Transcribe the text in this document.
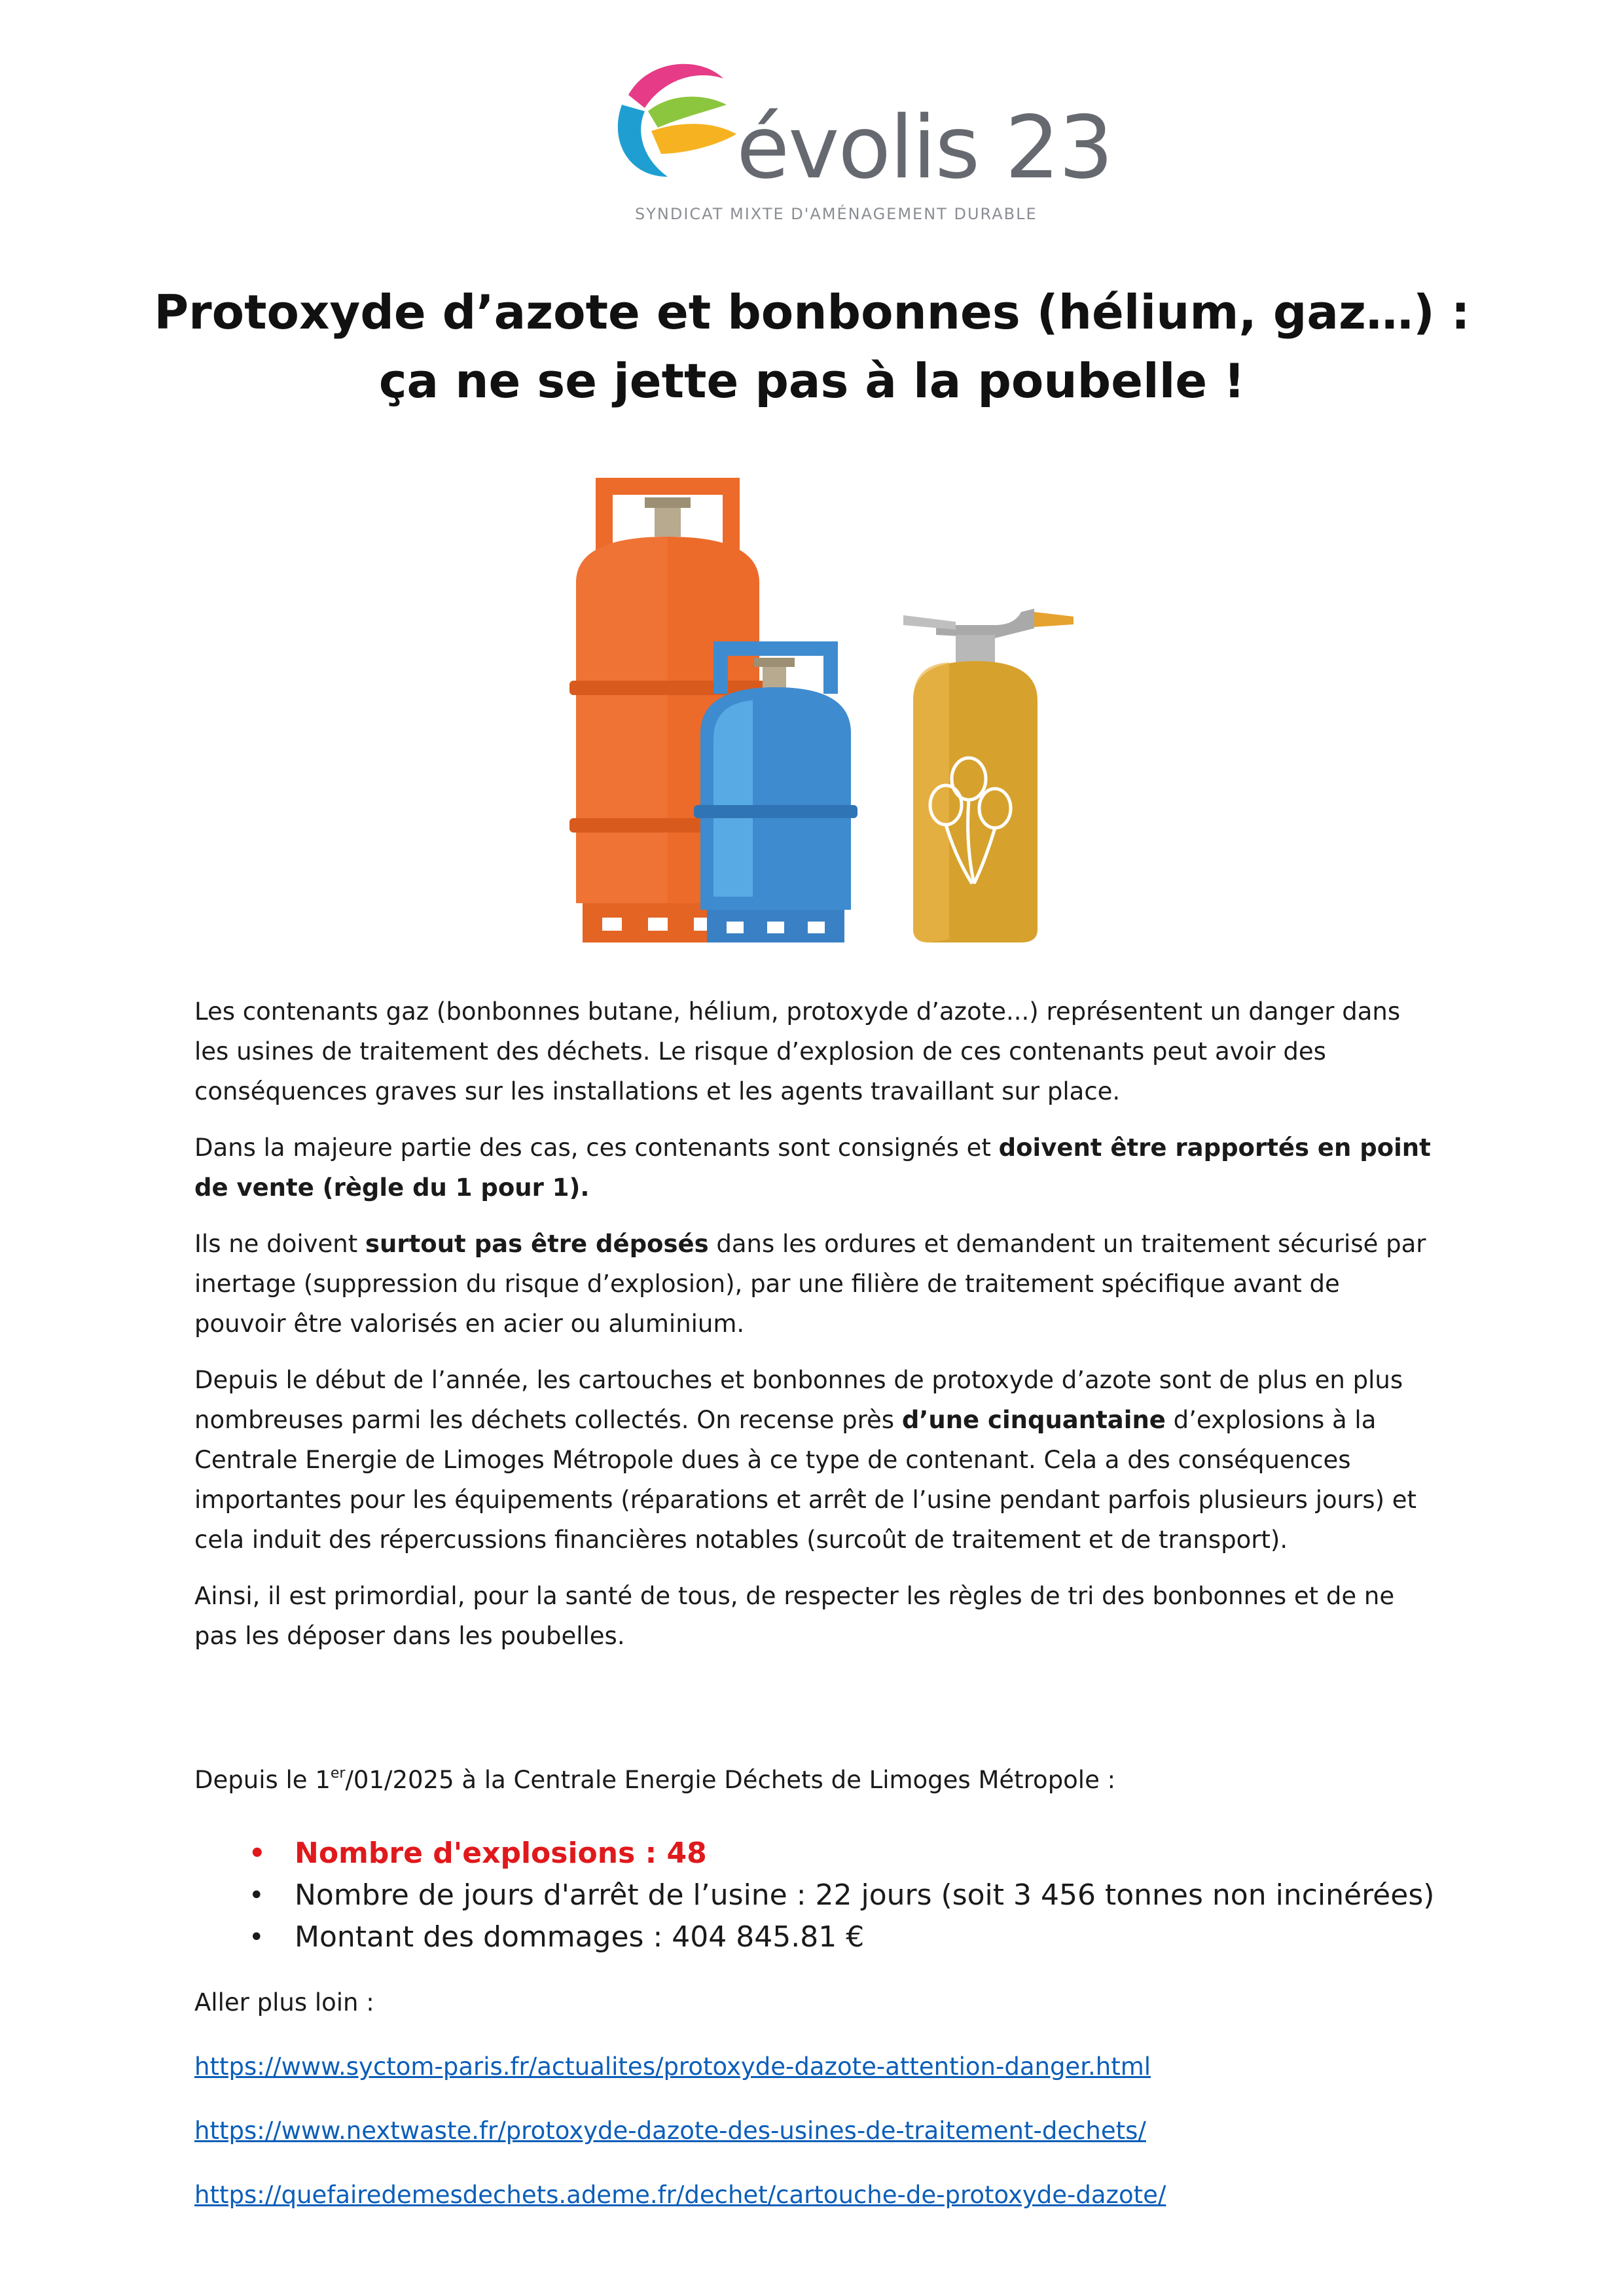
évolis 23
SYNDICAT MIXTE D'AMÉNAGEMENT DURABLE
Protoxyde d’azote et bonbonnes (hélium, gaz…) :
ça ne se jette pas à la poubelle !

Les contenants gaz (bonbonnes butane, hélium, protoxyde d’azote...) représentent un danger dans les usines de traitement des déchets. Le risque d’explosion de ces contenants peut avoir des conséquences graves sur les installations et les agents travaillant sur place.

Dans la majeure partie des cas, ces contenants sont consignés et doivent être rapportés en point de vente (règle du 1 pour 1).

Ils ne doivent surtout pas être déposés dans les ordures et demandent un traitement sécurisé par inertage (suppression du risque d’explosion), par une filière de traitement spécifique avant de pouvoir être valorisés en acier ou aluminium.

Depuis le début de l’année, les cartouches et bonbonnes de protoxyde d’azote sont de plus en plus nombreuses parmi les déchets collectés. On recense près d’une cinquantaine d’explosions à la Centrale Energie de Limoges Métropole dues à ce type de contenant. Cela a des conséquences importantes pour les équipements (réparations et arrêt de l’usine pendant parfois plusieurs jours) et cela induit des répercussions financières notables (surcoût de traitement et de transport).

Ainsi, il est primordial, pour la santé de tous, de respecter les règles de tri des bonbonnes et de ne pas les déposer dans les poubelles.

Depuis le 1er/01/2025 à la Centrale Energie Déchets de Limoges Métropole :
• Nombre d'explosions : 48
• Nombre de jours d'arrêt de l’usine : 22 jours (soit 3 456 tonnes non incinérées)
• Montant des dommages : 404 845.81 €
Aller plus loin :
https://www.syctom-paris.fr/actualites/protoxyde-dazote-attention-danger.html
https://www.nextwaste.fr/protoxyde-dazote-des-usines-de-traitement-dechets/
https://quefairedemesdechets.ademe.fr/dechet/cartouche-de-protoxyde-dazote/
